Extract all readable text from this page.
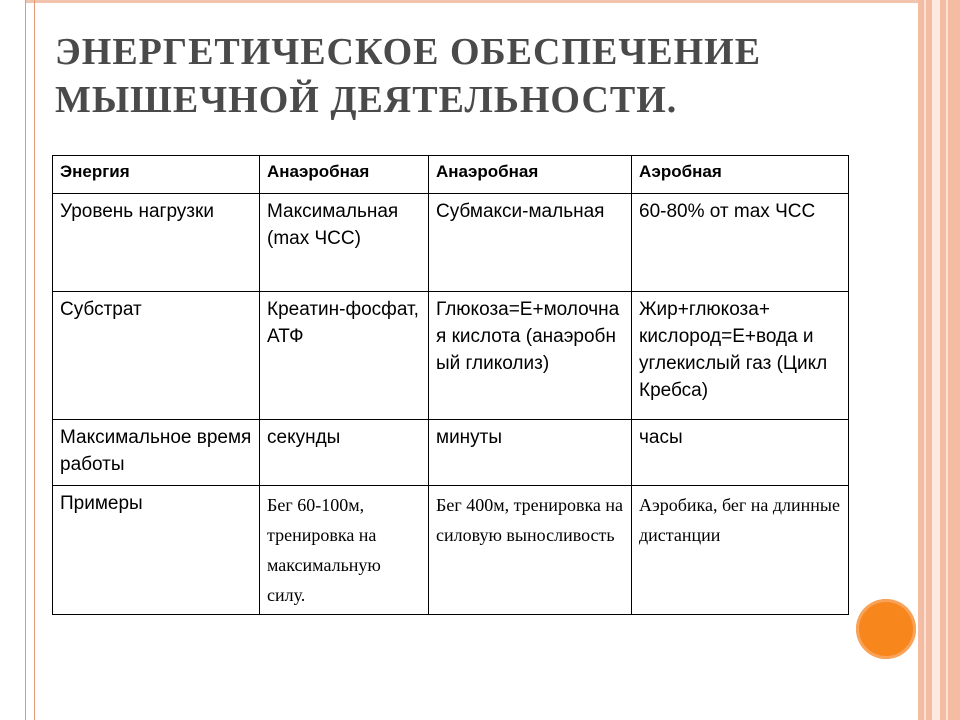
ЭНЕРГЕТИЧЕСКОЕ ОБЕСПЕЧЕНИЕ
МЫШЕЧНОЙ ДЕЯТЕЛЬНОСТИ.
Энергия	Анаэробная	Анаэробная	Аэробная
Уровень нагрузки	Максимальная (max ЧСС)	Субмакси-мальная	60-80% от max ЧСС
Субстрат	Креатин-фосфат, АТФ	Глюкоза=Е+молочная кислота (анаэробный гликолиз)	Жир+глюкоза+ кислород=Е+вода и углекислый газ (Цикл Кребса)
Максимальное время работы	секунды	минуты	часы
Примеры	Бег 60-100м, тренировка на максимальную силу.	Бег 400м, тренировка на силовую выносливость	Аэробика, бег на длинные дистанции
